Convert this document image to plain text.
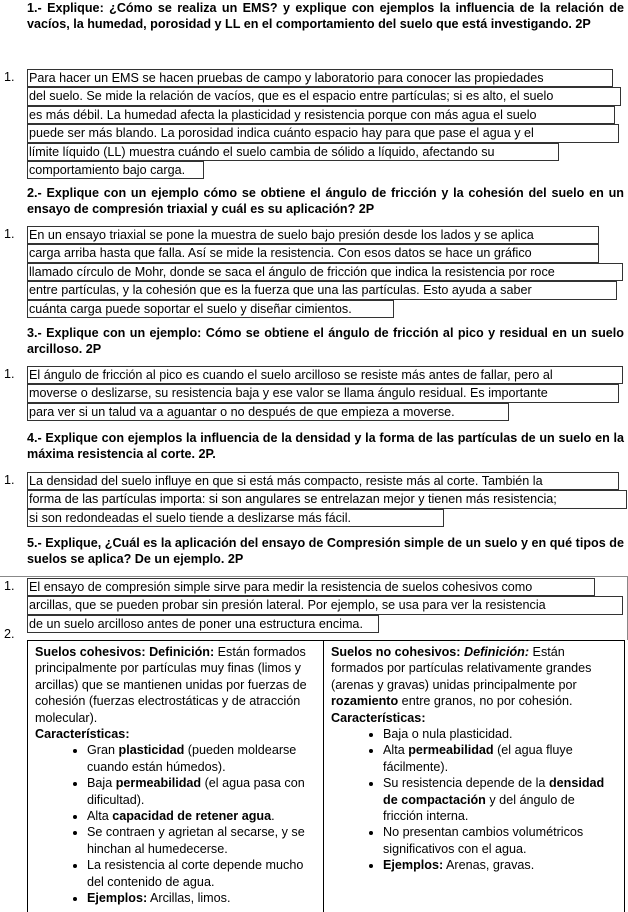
1.- Explique: ¿Cómo se realiza un EMS? y explique con ejemplos la influencia de la relación de vacíos, la humedad, porosidad y LL en el comportamiento del suelo que está investigando. 2P

1. Para hacer un EMS se hacen pruebas de campo y laboratorio para conocer las propiedades
del suelo. Se mide la relación de vacíos, que es el espacio entre partículas; si es alto, el suelo
es más débil. La humedad afecta la plasticidad y resistencia porque con más agua el suelo
puede ser más blando. La porosidad indica cuánto espacio hay para que pase el agua y el
límite líquido (LL) muestra cuándo el suelo cambia de sólido a líquido, afectando su
comportamiento bajo carga.

2.- Explique con un ejemplo cómo se obtiene el ángulo de fricción y la cohesión del suelo en un ensayo de compresión triaxial y cuál es su aplicación? 2P

1. En un ensayo triaxial se pone la muestra de suelo bajo presión desde los lados y se aplica
carga arriba hasta que falla. Así se mide la resistencia. Con esos datos se hace un gráfico
llamado círculo de Mohr, donde se saca el ángulo de fricción que indica la resistencia por roce
entre partículas, y la cohesión que es la fuerza que una las partículas. Esto ayuda a saber
cuánta carga puede soportar el suelo y diseñar cimientos.

3.- Explique con un ejemplo: Cómo se obtiene el ángulo de fricción al pico y residual en un suelo arcilloso. 2P

1. El ángulo de fricción al pico es cuando el suelo arcilloso se resiste más antes de fallar, pero al
moverse o deslizarse, su resistencia baja y ese valor se llama ángulo residual. Es importante
para ver si un talud va a aguantar o no después de que empieza a moverse.

4.- Explique con ejemplos la influencia de la densidad y la forma de las partículas de un suelo en la máxima resistencia al corte. 2P.

1. La densidad del suelo influye en que si está más compacto, resiste más al corte. También la
forma de las partículas importa: si son angulares se entrelazan mejor y tienen más resistencia;
si son redondeadas el suelo tiende a deslizarse más fácil.

5.- Explique, ¿Cuál es la aplicación del ensayo de Compresión simple de un suelo y en qué tipos de suelos se aplica? De un ejemplo. 2P

1.
2.
El ensayo de compresión simple sirve para medir la resistencia de suelos cohesivos como
arcillas, que se pueden probar sin presión lateral. Por ejemplo, se usa para ver la resistencia
de un suelo arcilloso antes de poner una estructura encima.

Suelos cohesivos: Definición: Están formados principalmente por partículas muy finas (limos y arcillas) que se mantienen unidas por fuerzas de cohesión (fuerzas electrostáticas y de atracción molecular).

Características:

• Gran plasticidad (pueden moldearse cuando están húmedos).
• Baja permeabilidad (el agua pasa con dificultad).
• Alta capacidad de retener agua.
• Se contraen y agrietan al secarse, y se hinchan al humedecerse.
• La resistencia al corte depende mucho del contenido de agua.
• Ejemplos: Arcillas, limos.

Suelos no cohesivos: Definición: Están formados por partículas relativamente grandes (arenas y gravas) unidas principalmente por rozamiento entre granos, no por cohesión. Características:

• Baja o nula plasticidad.
• Alta permeabilidad (el agua fluye fácilmente).
• Su resistencia depende de la densidad de compactación y del ángulo de fricción interna.
• No presentan cambios volumétricos significativos con el agua.
• Ejemplos: Arenas, gravas.
